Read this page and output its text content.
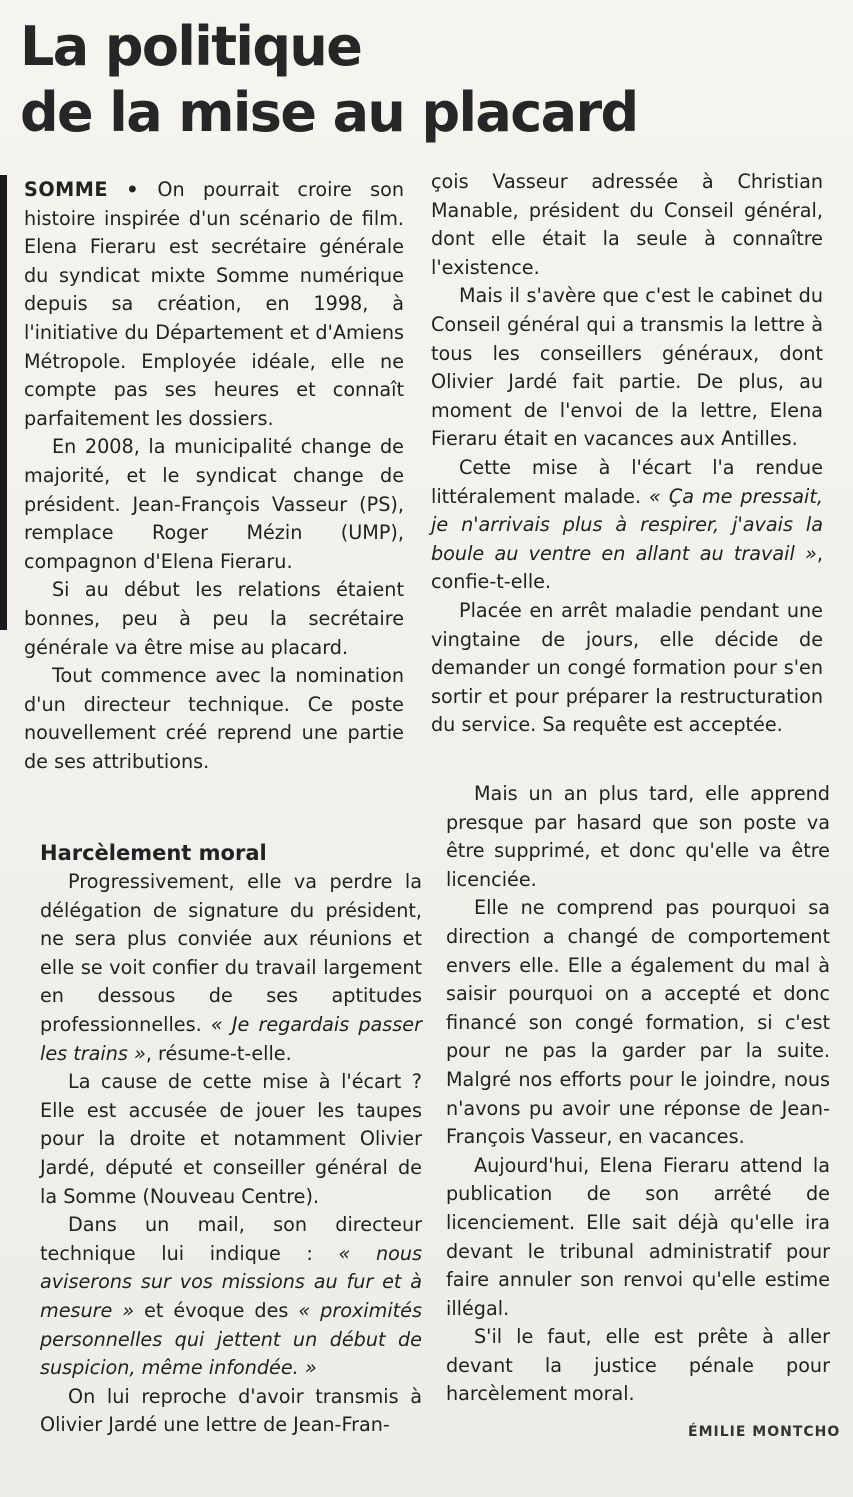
La politique
de la mise au placard

SOMME • On pourrait croire son histoire inspirée d'un scénario de film. Elena Fieraru est secrétaire générale du syndicat mixte Somme numérique depuis sa création, en 1998, à l'initiative du Département et d'Amiens Métropole. Employée idéale, elle ne compte pas ses heures et connaît parfaitement les dossiers.

En 2008, la municipalité change de majorité, et le syndicat change de président. Jean-François Vasseur (PS), remplace Roger Mézin (UMP), compagnon d'Elena Fieraru.

Si au début les relations étaient bonnes, peu à peu la secrétaire générale va être mise au placard.

Tout commence avec la nomination d'un directeur technique. Ce poste nouvellement créé reprend une partie de ses attributions.

Harcèlement moral

Progressivement, elle va perdre la délégation de signature du président, ne sera plus conviée aux réunions et elle se voit confier du travail largement en dessous de ses aptitudes professionnelles. « Je regardais passer les trains », résume-t-elle.

La cause de cette mise à l'écart ? Elle est accusée de jouer les taupes pour la droite et notamment Olivier Jardé, député et conseiller général de la Somme (Nouveau Centre).

Dans un mail, son directeur technique lui indique : « nous aviserons sur vos missions au fur et à mesure » et évoque des « proximités personnelles qui jettent un début de suspicion, même infondée. »

On lui reproche d'avoir transmis à Olivier Jardé une lettre de Jean-Fran-

çois Vasseur adressée à Christian Manable, président du Conseil général, dont elle était la seule à connaître l'existence.

Mais il s'avère que c'est le cabinet du Conseil général qui a transmis la lettre à tous les conseillers généraux, dont Olivier Jardé fait partie. De plus, au moment de l'envoi de la lettre, Elena Fieraru était en vacances aux Antilles.

Cette mise à l'écart l'a rendue littéralement malade. « Ça me pressait, je n'arrivais plus à respirer, j'avais la boule au ventre en allant au travail », confie-t-elle.

Placée en arrêt maladie pendant une vingtaine de jours, elle décide de demander un congé formation pour s'en sortir et pour préparer la restructuration du service. Sa requête est acceptée.

Mais un an plus tard, elle apprend presque par hasard que son poste va être supprimé, et donc qu'elle va être licenciée.

Elle ne comprend pas pourquoi sa direction a changé de comportement envers elle. Elle a également du mal à saisir pourquoi on a accepté et donc financé son congé formation, si c'est pour ne pas la garder par la suite. Malgré nos efforts pour le joindre, nous n'avons pu avoir une réponse de Jean-François Vasseur, en vacances.

Aujourd'hui, Elena Fieraru attend la publication de son arrêté de licenciement. Elle sait déjà qu'elle ira devant le tribunal administratif pour faire annuler son renvoi qu'elle estime illégal.

S'il le faut, elle est prête à aller devant la justice pénale pour harcèlement moral.

ÉMILIE MONTCHO
